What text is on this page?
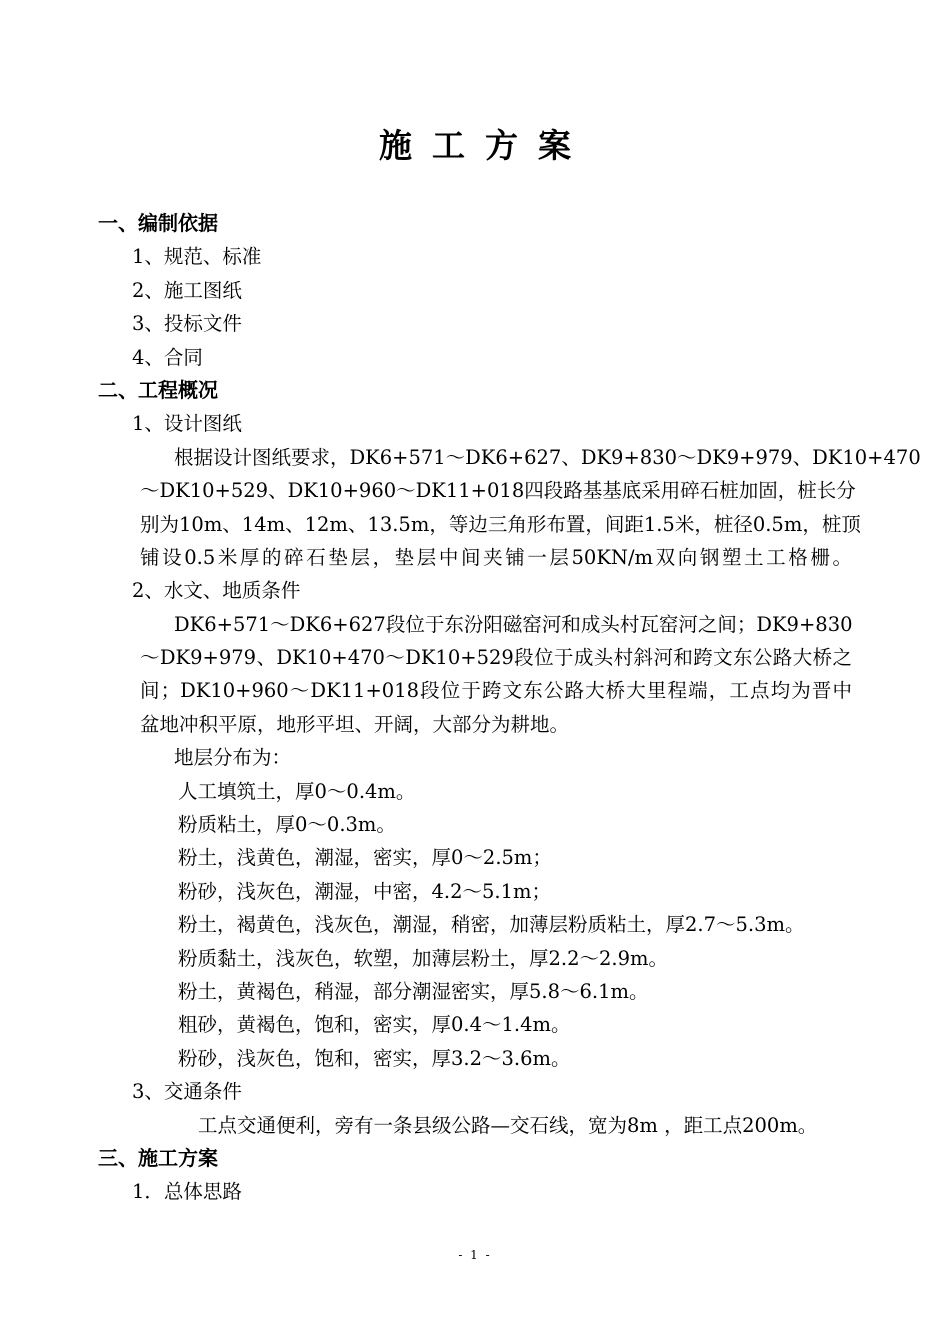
施工方案
一、编制依据
1、规范、标准
2、施工图纸
3、投标文件
4、合同
二、工程概况
1、设计图纸
根据设计图纸要求，DK6+571～DK6+627、DK9+830～DK9+979、DK10+470
～DK10+529、DK10+960～DK11+018四段路基基底采用碎石桩加固，桩长分
别为10m、14m、12m、13.5m，等边三角形布置，间距1.5米，桩径0.5m，桩顶
铺设0.5米厚的碎石垫层，垫层中间夹铺一层50KN/m双向钢塑土工格栅。
2、水文、地质条件
DK6+571～DK6+627段位于东汾阳磁窑河和成头村瓦窑河之间；DK9+830
～DK9+979、DK10+470～DK10+529段位于成头村斜河和跨文东公路大桥之
间；DK10+960～DK11+018段位于跨文东公路大桥大里程端，工点均为晋中
盆地冲积平原，地形平坦、开阔，大部分为耕地。
地层分布为：
人工填筑土，厚0～0.4m。
粉质粘土，厚0～0.3m。
粉土，浅黄色，潮湿，密实，厚0～2.5m；
粉砂，浅灰色，潮湿，中密，4.2～5.1m；
粉土，褐黄色，浅灰色，潮湿，稍密，加薄层粉质粘土，厚2.7～5.3m。
粉质黏土，浅灰色，软塑，加薄层粉土，厚2.2～2.9m。
粉土，黄褐色，稍湿，部分潮湿密实，厚5.8～6.1m。
粗砂，黄褐色，饱和，密实，厚0.4～1.4m。
粉砂，浅灰色，饱和，密实，厚3.2～3.6m。
3、交通条件
工点交通便利，旁有一条县级公路—交石线，宽为8m ，距工点200m。
三、施工方案
1．总体思路
- 1 -
